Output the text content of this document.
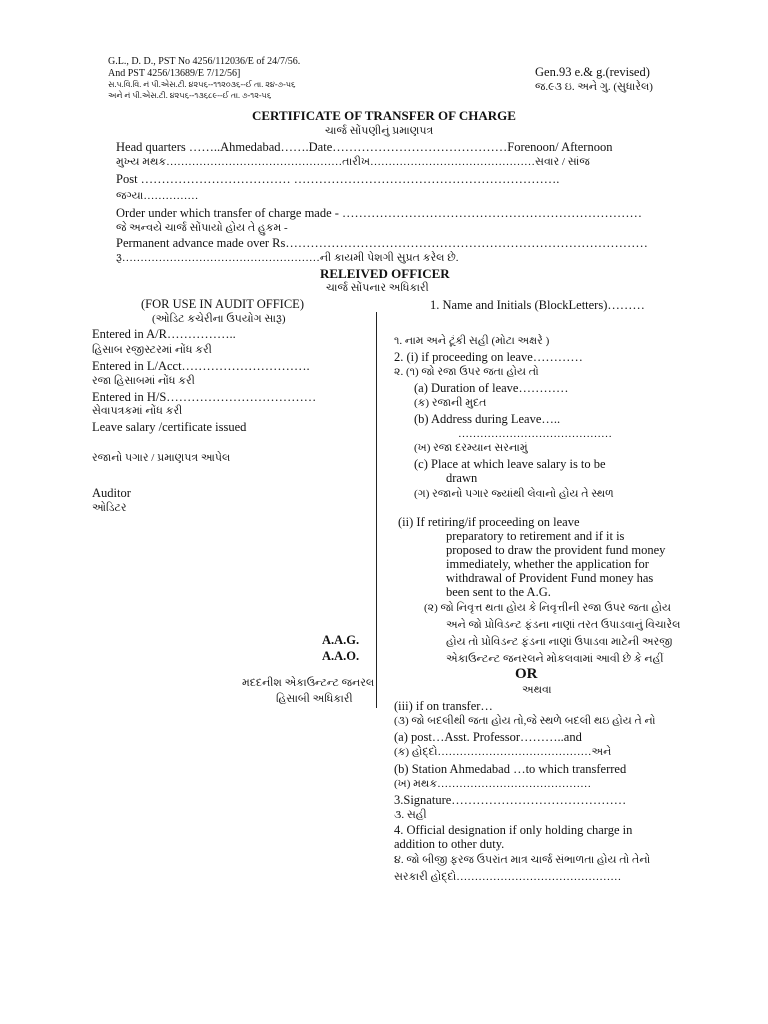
G.L., D. D., PST No 4256/112036/E of 24/7/56.
And PST 4256/13689/E 7/12/56]
સ.પ.વિ.વિ. નં પી.એસ.ટી. ૪૨૫૬--૧૧૨૦૩૬--ઈ તા. ૨૪-૭-૫૬
અને નં પી.એસ.ટી. ૪૨૫૬--૧૩૬૮૯--ઈ તા. ૭-૧૨-૫૬
Gen.93 e.& g.(revised)
જ.૯૩ ઇ. અને ગુ. (સુધારેલ)
CERTIFICATE OF TRANSFER OF CHARGE
ચાર્જ સોંપણીનું પ્રમાણપત્ર
Head quarters ……..Ahmedabad…….Date……………………………………Forenoon/ Afternoon
મુખ્ય મથક…………………………………………તારીખ………………………………………સવાર / સાંજ
Post ……………………………… ……………………………………………………….
જગ્યા……………
Order under which transfer of charge made - ………………………………………………………………
જે અન્વયે ચાર્જ સોંપાયો હોય તે હુકમ -
Permanent advance made over Rs……………………………………………………………………………
રૂ………………………………………………ની કાયમી પેશગી સુપ્રત કરેલ છે.
RELEIVED OFFICER
ચાર્જ સોંપનાર અધિકારી
(FOR USE IN AUDIT OFFICE)
(ઓડિટ કચેરીના ઉપયોગ સારૂ)
Entered in A/R……………..
હિસાબ રજીસ્ટરમાં નોંધ કરી
Entered in L/Acct………………………….
રજા હિસાબમાં નોંધ કરી
Entered in H/S………………………………
સેવાપત્રકમાં નોંધ કરી
Leave salary /certificate issued
રજાનો પગાર / પ્રમાણપત્ર આપેલ
Auditor
ઓડિટર
A.A.G.
A.A.O.
મદદનીશ એકાઉન્ટન્ટ જનરલ
હિસાબી અધિકારી
1. Name and Initials (BlockLetters)………
૧. નામ અને ટૂંકી સહી (મોટા અક્ષરે )
2. (i) if proceeding on leave…………
૨. (૧) જો રજા ઉપર જતા હોય તો
(a) Duration of leave…………
(ક) રજાની મુદત
(b) Address during Leave…..
……………………………………
(ખ) રજા દરમ્યાન સરનામું
(c) Place at which leave salary is to be
drawn
(ગ) રજાનો પગાર જ્યાંથી લેવાનો હોય તે સ્થળ
(ii) If retiring/if proceeding on leave
preparatory to retirement and if it is
proposed to draw the provident fund money
immediately, whether the application for
withdrawal of Provident Fund money has
been sent to the A.G.
(૨) જો નિવૃત્ત થતા હોય કે નિવૃત્તીની રજા ઉપર જતા હોય
અને જો પ્રોવિડન્ટ ફંડના નાણાં તરત ઉપાડવાનું વિચારેલ
હોય તો પ્રોવિડન્ટ ફંડના નાણાં ઉપાડવા માટેની અરજી
એકાઉન્ટન્ટ જનરલને મોકલવામાં આવી છે કે નહીં
OR
અથવા
(iii) if on transfer…
(૩) જો બદલીથી જતા હોય તો,જે સ્થળે બદલી થઇ હોય તે નો
(a) post…Asst. Professor………..and
(ક) હોદ્દો……………………………………અને
(b) Station Ahmedabad …to which transferred
(ખ) મથક……………………………………
3.Signature……………………………………
૩. સહી
4. Official designation if only holding charge in
addition to other duty.
૪. જો બીજી ફરજ ઉપરાંત માત્ર ચાર્જ સંભાળતા હોય તો તેનો
સરકારી હોદ્દો………………………………………
